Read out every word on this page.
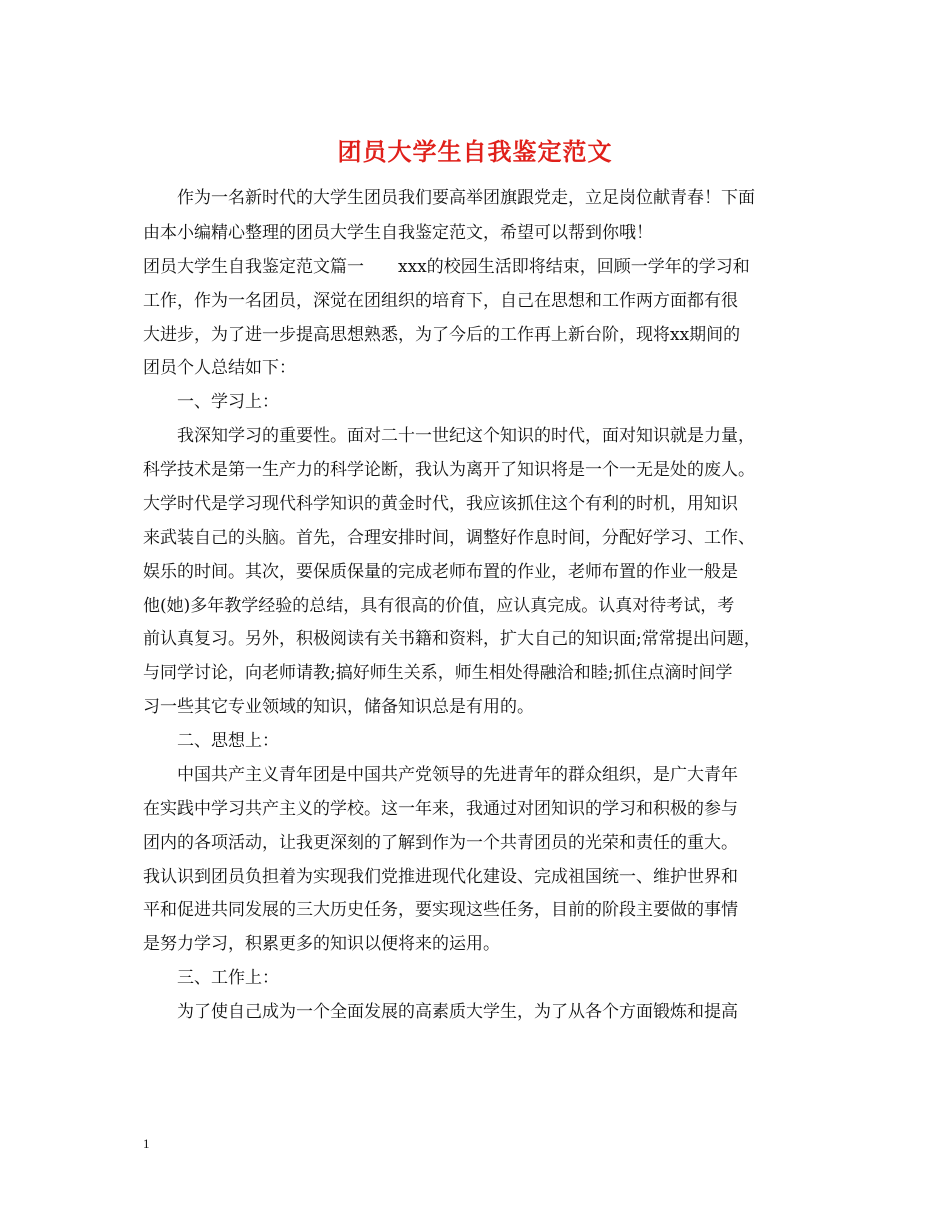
团员大学生自我鉴定范文
　　作为一名新时代的大学生团员我们要高举团旗跟党走，立足岗位献青春！下面
由本小编精心整理的团员大学生自我鉴定范文，希望可以帮到你哦！
团员大学生自我鉴定范文篇一　　xxx的校园生活即将结束，回顾一学年的学习和
工作，作为一名团员，深觉在团组织的培育下，自己在思想和工作两方面都有很
大进步，为了进一步提高思想熟悉，为了今后的工作再上新台阶，现将xx期间的
团员个人总结如下：
　　一、学习上：
　　我深知学习的重要性。面对二十一世纪这个知识的时代，面对知识就是力量，
科学技术是第一生产力的科学论断，我认为离开了知识将是一个一无是处的废人。
大学时代是学习现代科学知识的黄金时代，我应该抓住这个有利的时机，用知识
来武装自己的头脑。首先，合理安排时间，调整好作息时间，分配好学习、工作、
娱乐的时间。其次，要保质保量的完成老师布置的作业，老师布置的作业一般是
他(她)多年教学经验的总结，具有很高的价值，应认真完成。认真对待考试，考
前认真复习。另外，积极阅读有关书籍和资料，扩大自己的知识面;常常提出问题，
与同学讨论，向老师请教;搞好师生关系，师生相处得融洽和睦;抓住点滴时间学
习一些其它专业领域的知识，储备知识总是有用的。
　　二、思想上：
　　中国共产主义青年团是中国共产党领导的先进青年的群众组织，是广大青年
在实践中学习共产主义的学校。这一年来，我通过对团知识的学习和积极的参与
团内的各项活动，让我更深刻的了解到作为一个共青团员的光荣和责任的重大。
我认识到团员负担着为实现我们党推进现代化建设、完成祖国统一、维护世界和
平和促进共同发展的三大历史任务，要实现这些任务，目前的阶段主要做的事情
是努力学习，积累更多的知识以便将来的运用。
　　三、工作上：
　　为了使自己成为一个全面发展的高素质大学生，为了从各个方面锻炼和提高
1
